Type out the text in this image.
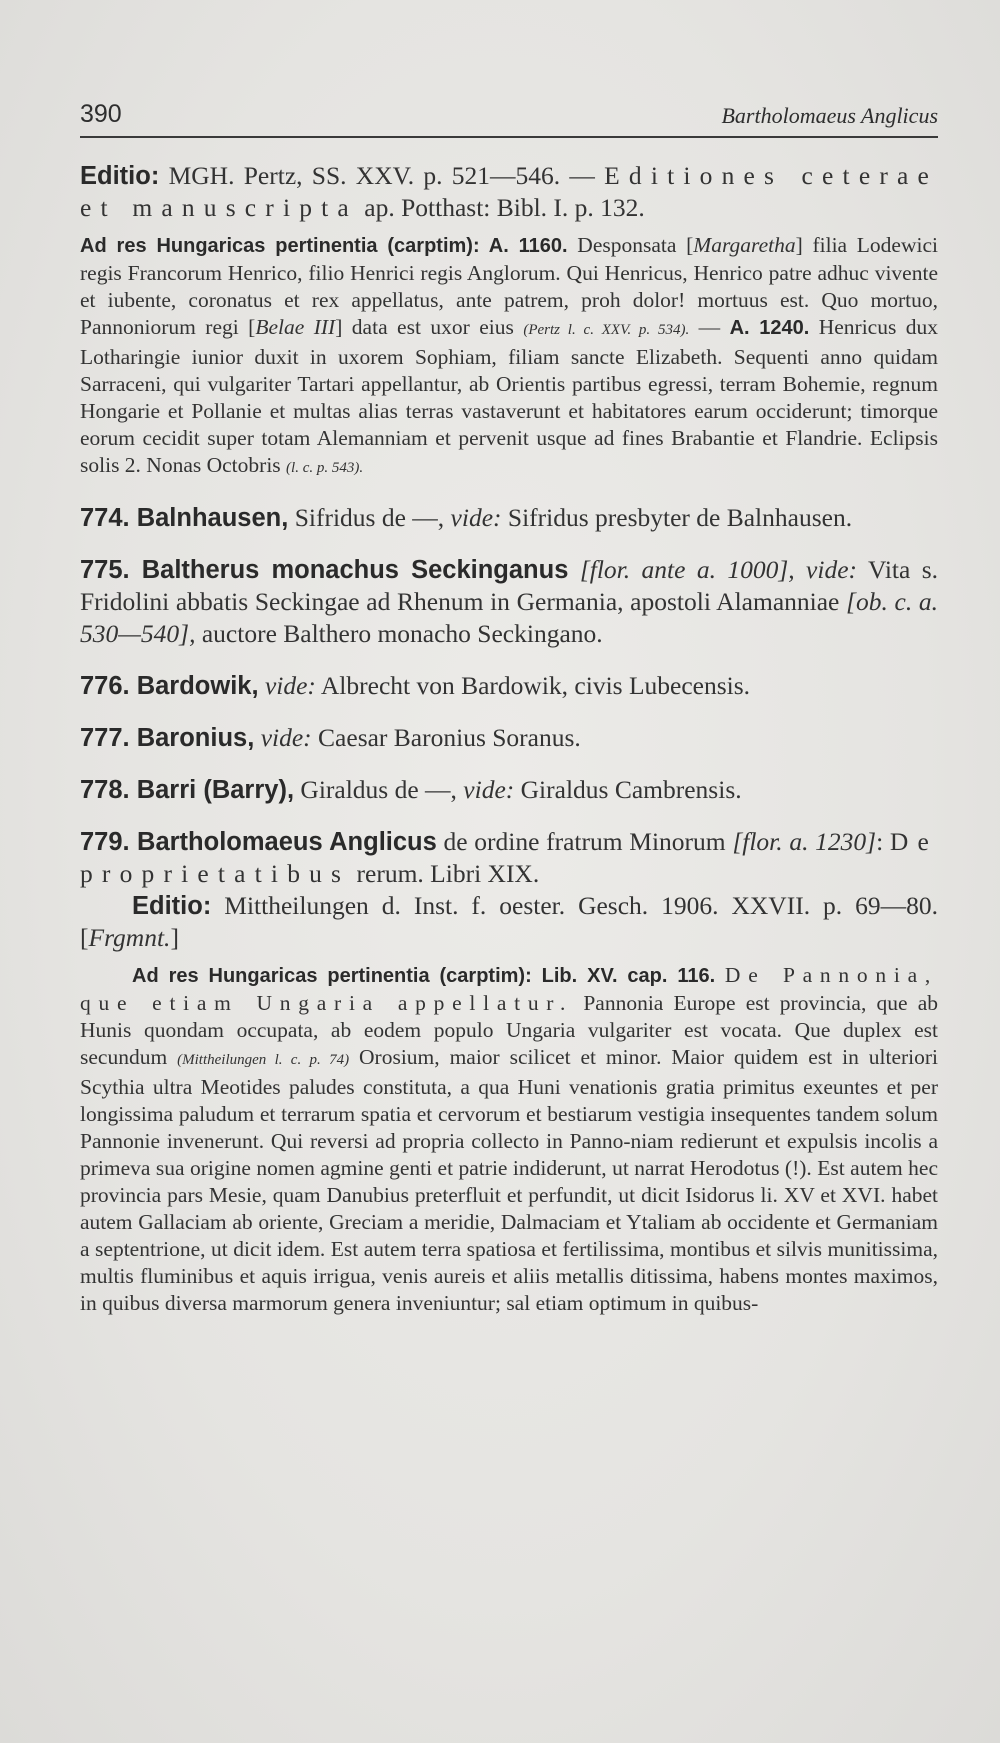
390	Bartholomaeus Anglicus

Editio: MGH. Pertz, SS. XXV. p. 521—546. — Editiones ceterae et manuscripta ap. Potthast: Bibl. I. p. 132.

Ad res Hungaricas pertinentia (carptim): A. 1160. Desponsata [Margaretha] filia Lodewici regis Francorum Henrico, filio Henrici regis Anglorum. Qui Henricus, Henrico patre adhuc vivente et iubente, coronatus et rex appellatus, ante patrem, proh dolor! mortuus est. Quo mortuo, Pannoniorum regi [Belae III] data est uxor eius (Pertz l. c. XXV. p. 534). — A. 1240. Henricus dux Lotharingie iunior duxit in uxorem Sophiam, filiam sancte Elizabeth. Sequenti anno quidam Sarraceni, qui vulgariter Tartari appellantur, ab Orientis partibus egressi, terram Bohemie, regnum Hongarie et Pollanie et multas alias terras vastaverunt et habitatores earum occiderunt; timorque eorum cecidit super totam Alemanniam et pervenit usque ad fines Brabantie et Flandrie. Eclipsis solis 2. Nonas Octobris (l. c. p. 543).

774. Balnhausen, Sifridus de —, vide: Sifridus presbyter de Balnhausen.

775. Baltherus monachus Seckinganus [flor. ante a. 1000], vide: Vita s. Fridolini abbatis Seckingae ad Rhenum in Germania, apostoli Alamanniae [ob. c. a. 530—540], auctore Balthero monacho Seckingano.

776. Bardowik, vide: Albrecht von Bardowik, civis Lubecensis.

777. Baronius, vide: Caesar Baronius Soranus.

778. Barri (Barry), Giraldus de —, vide: Giraldus Cambrensis.

779. Bartholomaeus Anglicus de ordine fratrum Minorum [flor. a. 1230]: De proprietatibus rerum. Libri XIX.

Editio: Mittheilungen d. Inst. f. oester. Gesch. 1906. XXVII. p. 69—80. [Frgmnt.]

Ad res Hungaricas pertinentia (carptim): Lib. XV. cap. 116. De Pannonia, que etiam Ungaria appellatur. Pannonia Europe est provincia, que ab Hunis quondam occupata, ab eodem populo Ungaria vulgariter est vocata. Que duplex est secundum (Mittheilungen l. c. p. 74) Orosium, maior scilicet et minor. Maior quidem est in ulteriori Scythia ultra Meotides paludes constituta, a qua Huni venationis gratia primitus exeuntes et per longissima paludum et terrarum spatia et cervorum et bestiarum vestigia insequentes tandem solum Pannonie invenerunt. Qui reversi ad propria collecto in Panno-niam redierunt et expulsis incolis a primeva sua origine nomen agmine genti et patrie indiderunt, ut narrat Herodotus (!). Est autem hec provincia pars Mesie, quam Danubius preterfluit et perfundit, ut dicit Isidorus li. XV et XVI. habet autem Gallaciam ab oriente, Greciam a meridie, Dalmaciam et Ytaliam ab occidente et Germaniam a septentrione, ut dicit idem. Est autem terra spatiosa et fertilissima, montibus et silvis munitissima, multis fluminibus et aquis irrigua, venis aureis et aliis metallis ditissima, habens montes maximos, in quibus diversa marmorum genera inveniuntur; sal etiam optimum in quibus-
